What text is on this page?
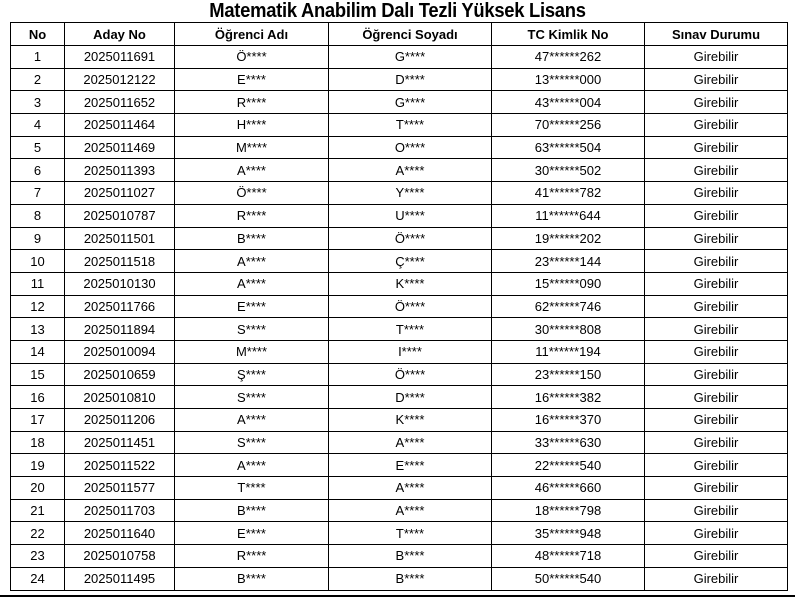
Matematik Anabilim Dalı Tezli Yüksek Lisans
No	Aday No	Öğrenci Adı	Öğrenci Soyadı	TC Kimlik No	Sınav Durumu
1	2025011691	Ö****	G****	47******262	Girebilir
2	2025012122	E****	D****	13******000	Girebilir
3	2025011652	R****	G****	43******004	Girebilir
4	2025011464	H****	T****	70******256	Girebilir
5	2025011469	M****	O****	63******504	Girebilir
6	2025011393	A****	A****	30******502	Girebilir
7	2025011027	Ö****	Y****	41******782	Girebilir
8	2025010787	R****	U****	11******644	Girebilir
9	2025011501	B****	Ö****	19******202	Girebilir
10	2025011518	A****	Ç****	23******144	Girebilir
11	2025010130	A****	K****	15******090	Girebilir
12	2025011766	E****	Ö****	62******746	Girebilir
13	2025011894	S****	T****	30******808	Girebilir
14	2025010094	M****	I****	11******194	Girebilir
15	2025010659	Ş****	Ö****	23******150	Girebilir
16	2025010810	S****	D****	16******382	Girebilir
17	2025011206	A****	K****	16******370	Girebilir
18	2025011451	S****	A****	33******630	Girebilir
19	2025011522	A****	E****	22******540	Girebilir
20	2025011577	T****	A****	46******660	Girebilir
21	2025011703	B****	A****	18******798	Girebilir
22	2025011640	E****	T****	35******948	Girebilir
23	2025010758	R****	B****	48******718	Girebilir
24	2025011495	B****	B****	50******540	Girebilir
